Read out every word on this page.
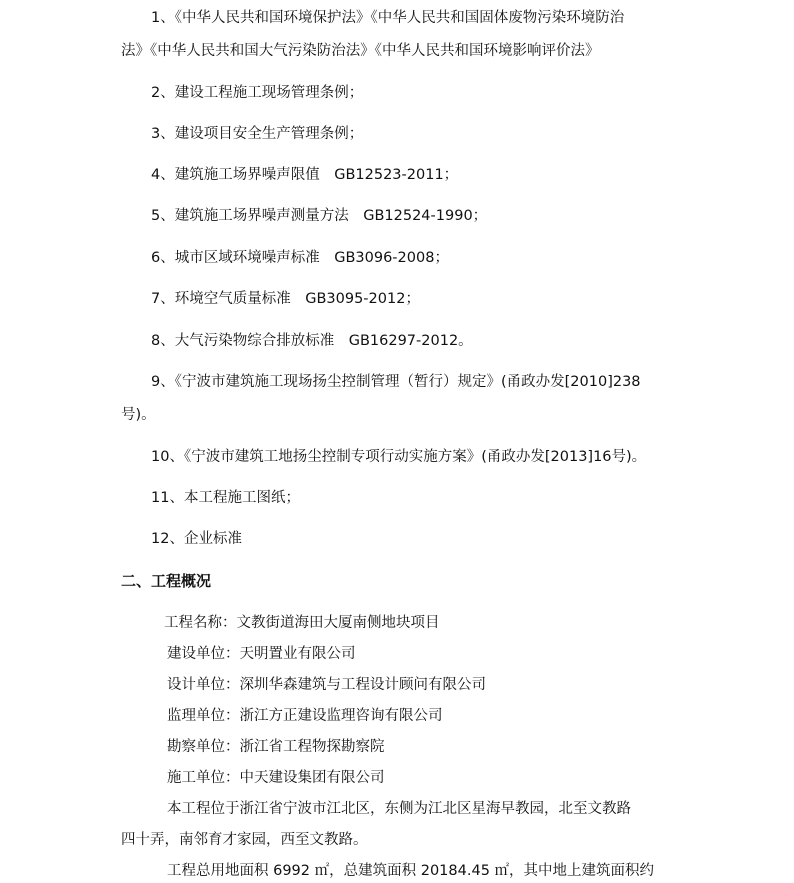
1、《中华人民共和国环境保护法》《中华人民共和国固体废物污染环境防治
法》《中华人民共和国大气污染防治法》《中华人民共和国环境影响评价法》
2、建设工程施工现场管理条例；
3、建设项目安全生产管理条例；
4、建筑施工场界噪声限值　GB12523-2011；
5、建筑施工场界噪声测量方法　GB12524-1990；
6、城市区域环境噪声标准　GB3096-2008；
7、环境空气质量标准　GB3095-2012；
8、大气污染物综合排放标准　GB16297-2012。
9、《宁波市建筑施工现场扬尘控制管理（暂行）规定》(甬政办发[2010]238
号)。
10、《宁波市建筑工地扬尘控制专项行动实施方案》(甬政办发[2013]16号)。
11、本工程施工图纸；
12、企业标准
二、工程概况
工程名称：文教街道海田大厦南侧地块项目
建设单位：天明置业有限公司
设计单位：深圳华森建筑与工程设计顾问有限公司
监理单位：浙江方正建设监理咨询有限公司
勘察单位：浙江省工程物探勘察院
施工单位：中天建设集团有限公司
本工程位于浙江省宁波市江北区，东侧为江北区星海早教园，北至文教路
四十弄，南邻育才家园，西至文教路。
工程总用地面积 6992 ㎡，总建筑面积 20184.45 ㎡，其中地上建筑面积约
